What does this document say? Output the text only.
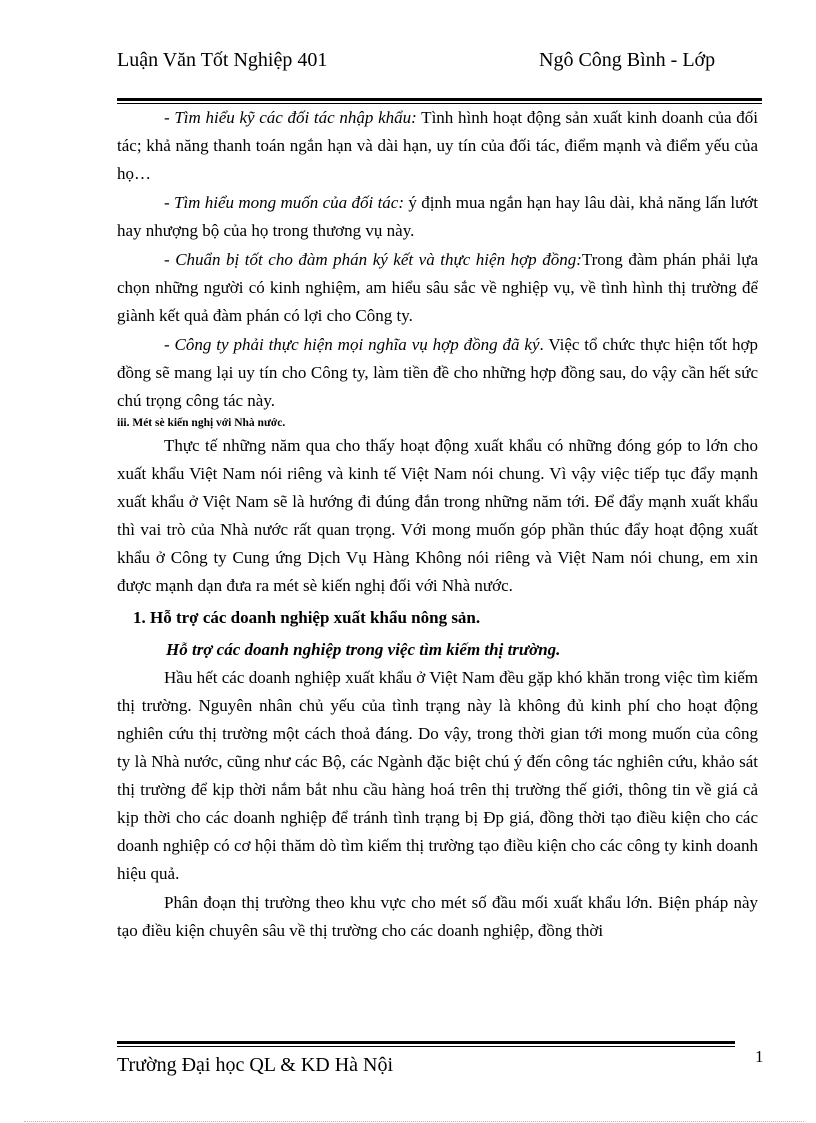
Luận Văn Tốt Nghiệp 401	Ngô Công Bình - Lớp

- Tìm hiểu kỹ các đối tác nhập khẩu: Tình hình hoạt động sản xuất kinh doanh của đối tác; khả năng thanh toán ngắn hạn và dài hạn, uy tín của đối tác, điểm mạnh và điểm yếu của họ…

- Tìm hiểu mong muốn của đối tác: ý định mua ngắn hạn hay lâu dài, khả năng lấn lướt hay nhượng bộ của họ trong thương vụ này.

- Chuẩn bị tốt cho đàm phán ký kết và thực hiện hợp đồng:Trong đàm phán phải lựa chọn những người có kinh nghiệm, am hiểu sâu sắc về nghiệp vụ, về tình hình thị trường để giành kết quả đàm phán có lợi cho Công ty.

- Công ty phải thực hiện mọi nghĩa vụ hợp đồng đã ký. Việc tổ chức thực hiện tốt hợp đồng sẽ mang lại uy tín cho Công ty, làm tiền đề cho những hợp đồng sau, do vậy cần hết sức chú trọng công tác này.

iii. Mét sè kiến nghị với Nhà nước.

Thực tế những năm qua cho thấy hoạt động xuất khẩu có những đóng góp to lớn cho xuất khẩu Việt Nam nói riêng và kinh tế Việt Nam nói chung. Vì vậy việc tiếp tục đẩy mạnh xuất khẩu ở Việt Nam sẽ là hướng đi đúng đắn trong những năm tới. Để đẩy mạnh xuất khẩu thì vai trò của Nhà nước rất quan trọng. Với mong muốn góp phần thúc đẩy hoạt động xuất khẩu ở Công ty Cung ứng Dịch Vụ Hàng Không nói riêng và Việt Nam nói chung, em xin được mạnh dạn đưa ra mét sè kiến nghị đối với Nhà nước.

1. Hỗ trợ các doanh nghiệp xuất khẩu nông sản.

Hỗ trợ các doanh nghiệp trong việc tìm kiếm thị trường.

Hầu hết các doanh nghiệp xuất khẩu ở Việt Nam đều gặp khó khăn trong việc tìm kiếm thị trường. Nguyên nhân chủ yếu của tình trạng này là không đủ kinh phí cho hoạt động nghiên cứu thị trường một cách thoả đáng. Do vậy, trong thời gian tới mong muốn của công ty là Nhà nước, cũng như các Bộ, các Ngành đặc biệt chú ý đến công tác nghiên cứu, khảo sát thị trường để kịp thời nắm bắt nhu cầu hàng hoá trên thị trường thế giới, thông tin về giá cả kịp thời cho các doanh nghiệp để tránh tình trạng bị Ðp giá, đồng thời tạo điều kiện cho các doanh nghiệp có cơ hội thăm dò tìm kiếm thị trường tạo điều kiện cho các công ty kinh doanh hiệu quả.

Phân đoạn thị trường theo khu vực cho mét số đầu mối xuất khẩu lớn. Biện pháp này tạo điều kiện chuyên sâu về thị trường cho các doanh nghiệp, đồng thời

Trường Đại học QL & KD Hà Nội	1
